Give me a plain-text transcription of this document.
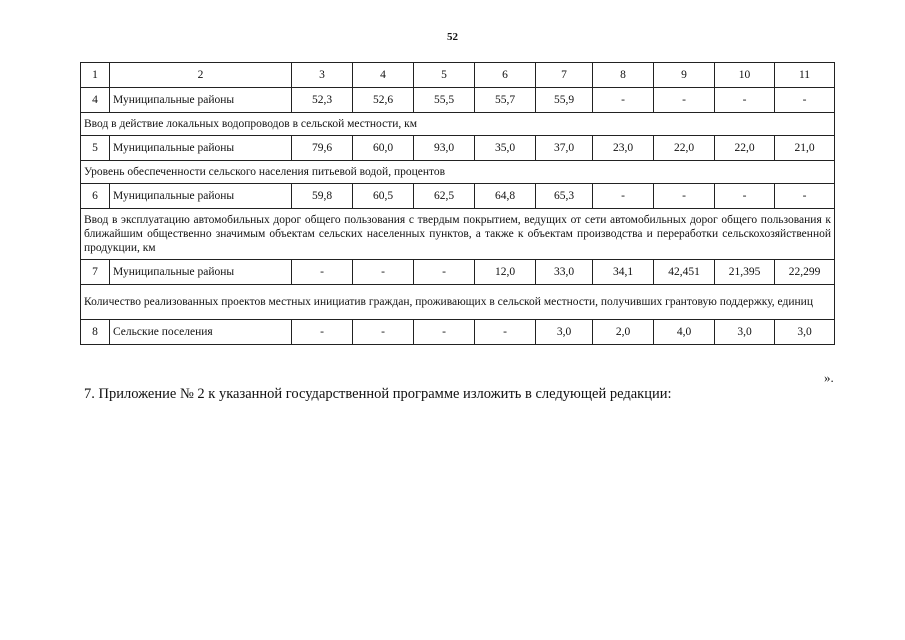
52
1	2	3	4	5	6	7	8	9	10	11
4	Муниципальные районы	52,3	52,6	55,5	55,7	55,9	-	-	-	-
Ввод в действие локальных водопроводов в сельской местности, км										
5	Муниципальные районы	79,6	60,0	93,0	35,0	37,0	23,0	22,0	22,0	21,0
Уровень обеспеченности сельского населения питьевой водой, процентов										
6	Муниципальные районы	59,8	60,5	62,5	64,8	65,3	-	-	-	-
Ввод в эксплуатацию автомобильных дорог общего пользования с твердым покрытием, ведущих от сети автомобильных дорог общего пользования к ближайшим общественно значимым объектам сельских населенных пунктов, а также к объектам производства и переработки сельскохозяйственной продукции, км										
7	Муниципальные районы	-	-	-	12,0	33,0	34,1	42,451	21,395	22,299
Количество реализованных проектов местных инициатив граждан, проживающих в сельской местности, получивших грантовую поддержку, единиц										
8	Сельские поселения	-	-	-	-	3,0	2,0	4,0	3,0	3,0
».
7. Приложение № 2 к указанной государственной программе изложить в следующей редакции:
